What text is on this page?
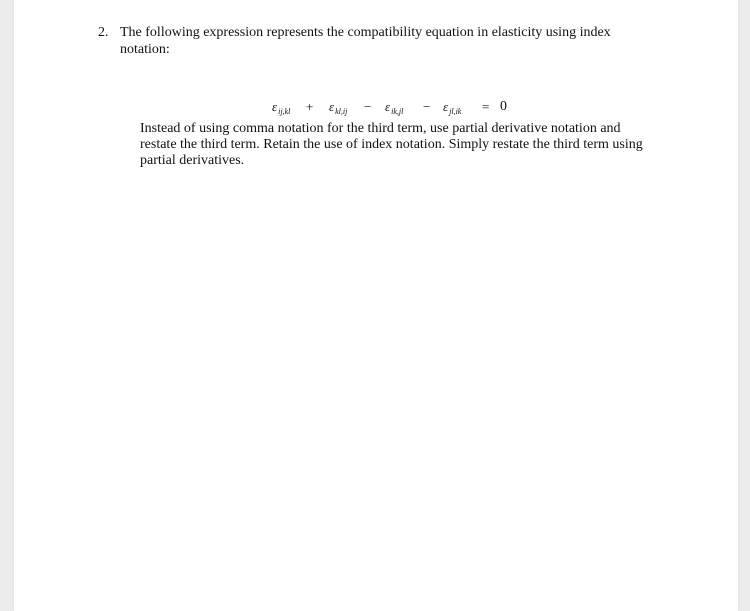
2. The following expression represents the compatibility equation in elasticity using index notation:
$\varepsilon_{ij,kl} + \varepsilon_{kl,ij} - \varepsilon_{ik,jl} - \varepsilon_{jl,ik} = 0$
Instead of using comma notation for the third term, use partial derivative notation and restate the third term. Retain the use of index notation. Simply restate the third term using partial derivatives.
